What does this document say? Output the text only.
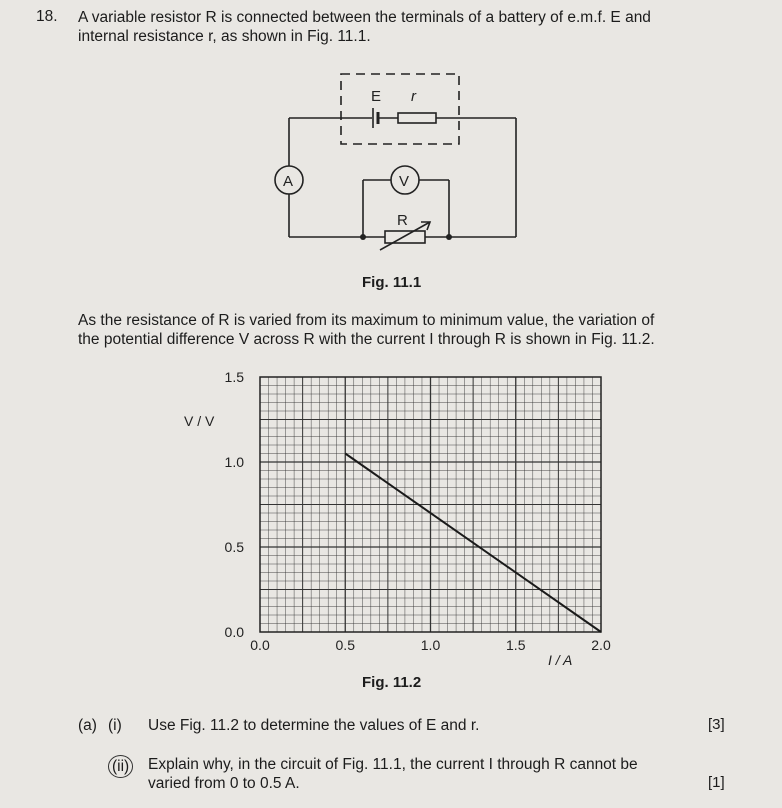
18. A variable resistor R is connected between the terminals of a battery of e.m.f. E and
internal resistance r, as shown in Fig. 11.1.
E r
A	V
R
Fig. 11.1
As the resistance of R is varied from its maximum to minimum value, the variation of
the potential difference V across R with the current I through R is shown in Fig. 11.2.
0.0
0.5
1.0
1.5
0.0	0.5	1.0	1.5	2.0
V / V
I / A
Fig. 11.2
(a) (i) Use Fig. 11.2 to determine the values of E and r.	[3]
(ii) Explain why, in the circuit of Fig. 11.1, the current I through R cannot be
varied from 0 to 0.5 A.	[1]
